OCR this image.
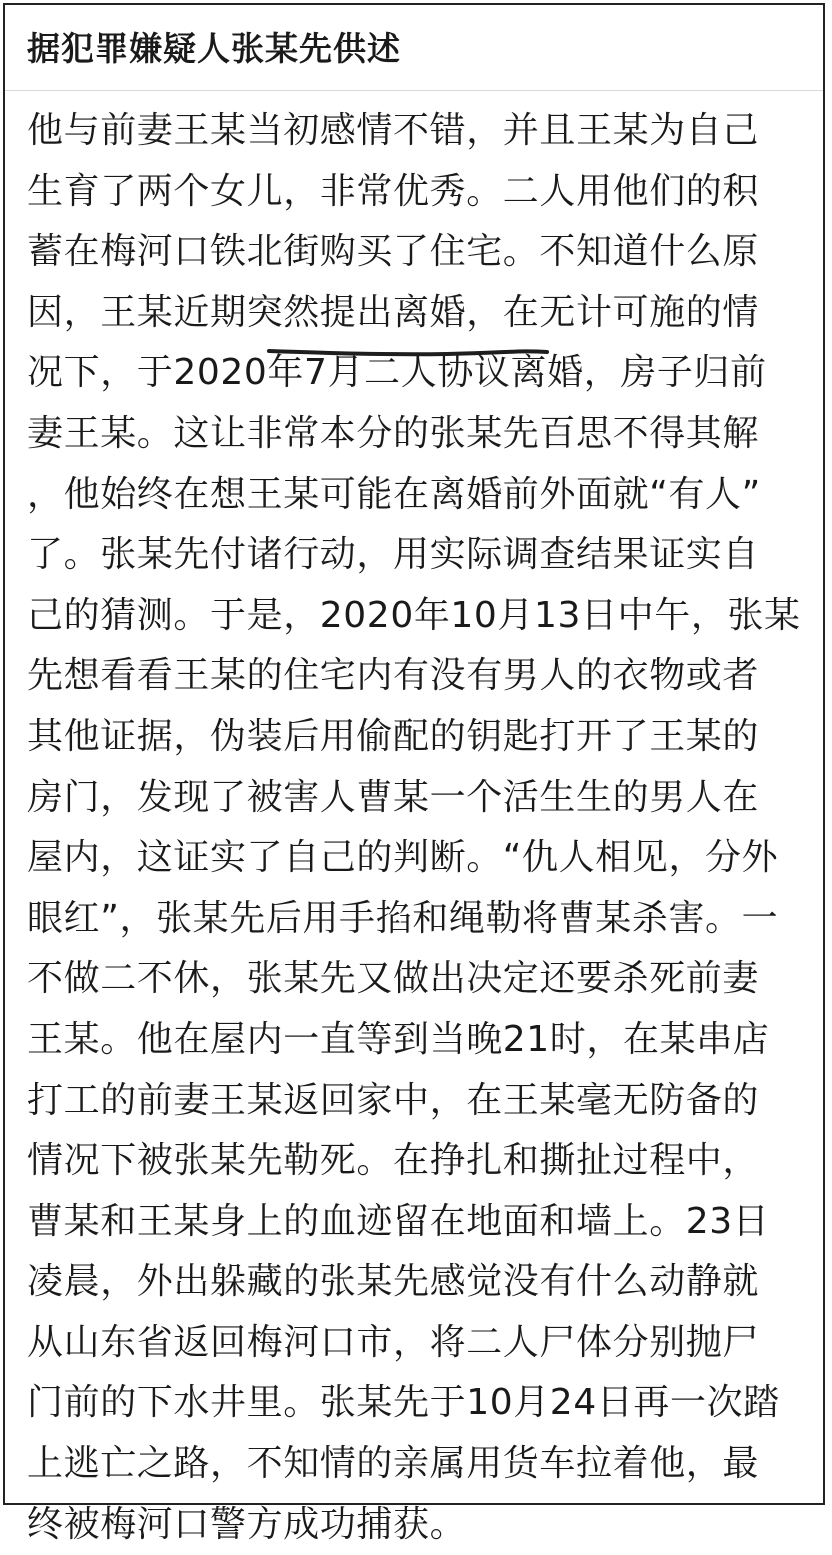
据犯罪嫌疑人张某先供述
他与前妻王某当初感情不错，并且王某为自己
生育了两个女儿，非常优秀。二人用他们的积
蓄在梅河口铁北街购买了住宅。不知道什么原
因，王某近期突然提出离婚，在无计可施的情
况下，于2020年7月二人协议离婚，房子归前
妻王某。这让非常本分的张某先百思不得其解
，他始终在想王某可能在离婚前外面就“有人”
了。张某先付诸行动，用实际调查结果证实自
己的猜测。于是，2020年10月13日中午，张某
先想看看王某的住宅内有没有男人的衣物或者
其他证据，伪装后用偷配的钥匙打开了王某的
房门，发现了被害人曹某一个活生生的男人在
屋内，这证实了自己的判断。“仇人相见，分外
眼红”，张某先后用手掐和绳勒将曹某杀害。一
不做二不休，张某先又做出决定还要杀死前妻
王某。他在屋内一直等到当晚21时，在某串店
打工的前妻王某返回家中，在王某毫无防备的
情况下被张某先勒死。在挣扎和撕扯过程中，
曹某和王某身上的血迹留在地面和墙上。23日
凌晨，外出躲藏的张某先感觉没有什么动静就
从山东省返回梅河口市，将二人尸体分别抛尸
门前的下水井里。张某先于10月24日再一次踏
上逃亡之路，不知情的亲属用货车拉着他，最
终被梅河口警方成功捕获。
